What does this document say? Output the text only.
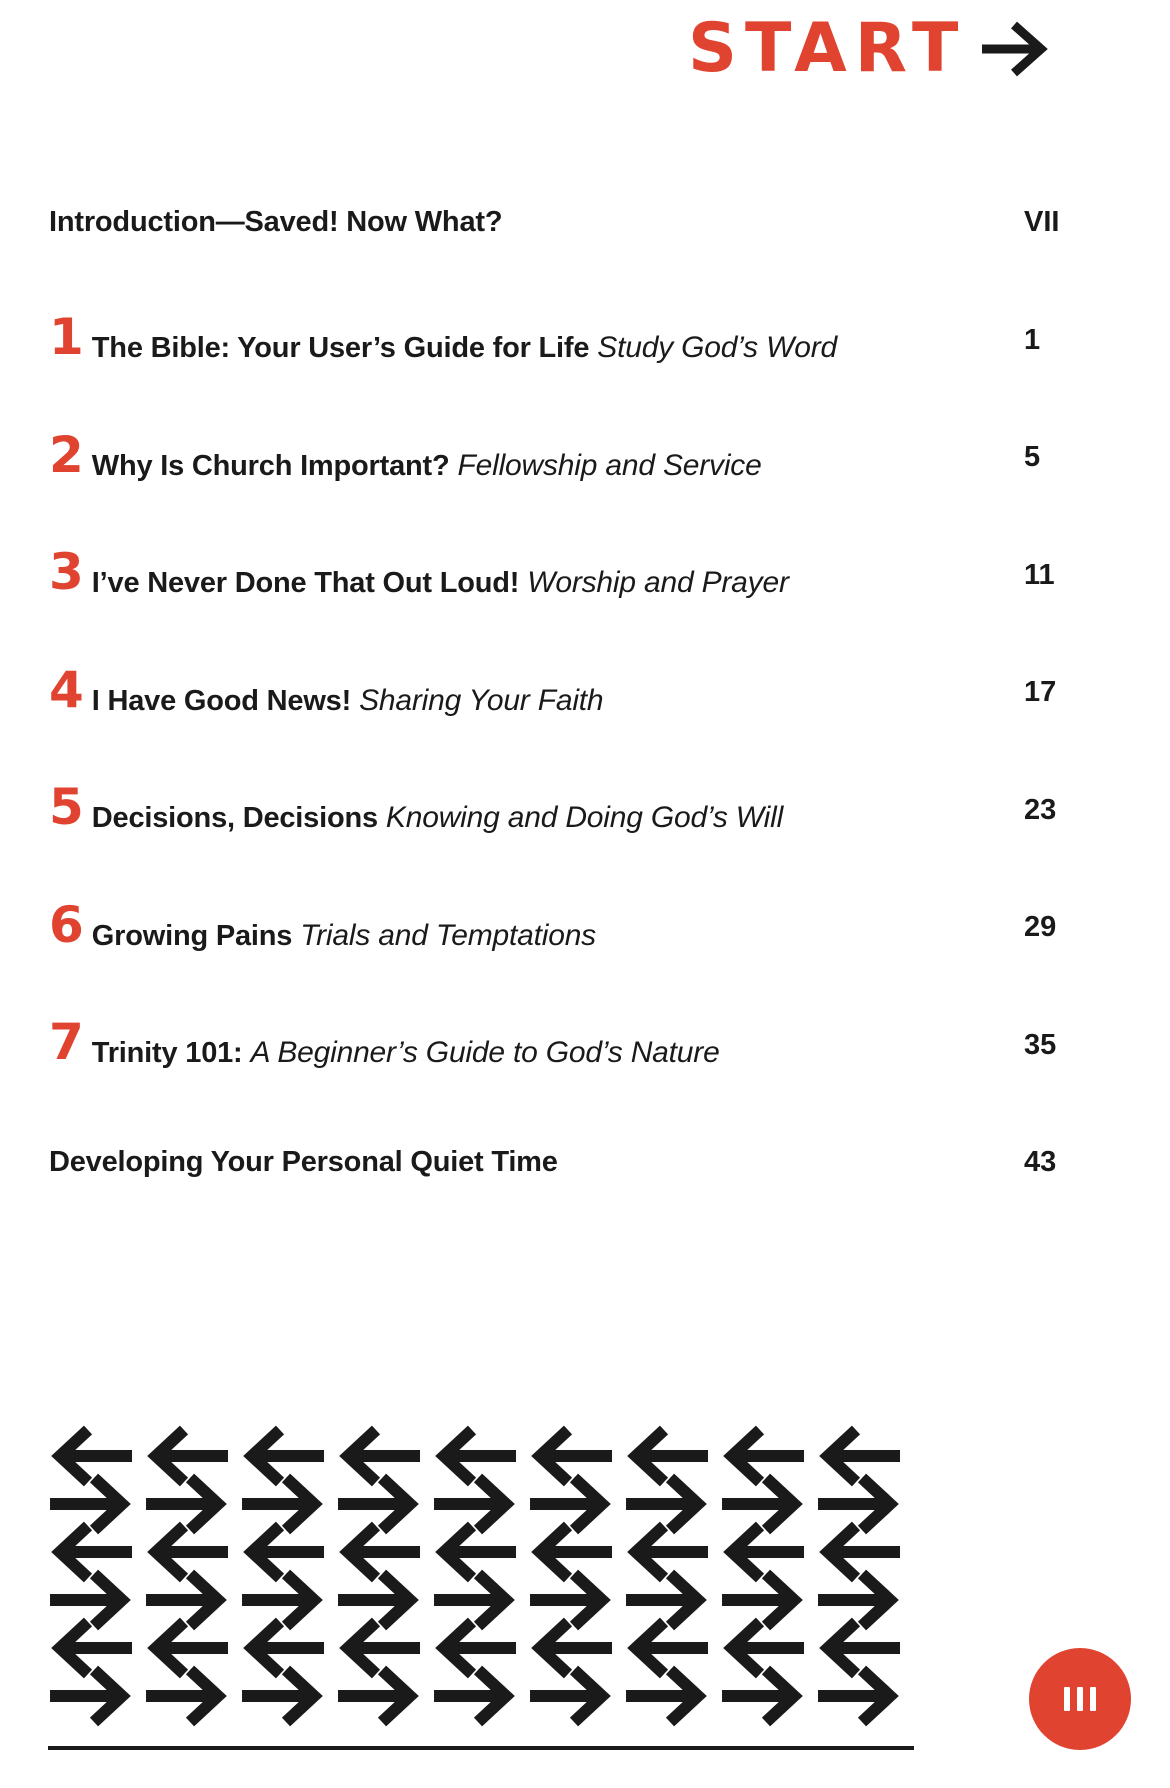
START
Introduction—Saved! Now What?	VII
1 The Bible: Your User’s Guide for Life Study God’s Word	1
2 Why Is Church Important? Fellowship and Service	5
3 I’ve Never Done That Out Loud! Worship and Prayer	11
4 I Have Good News! Sharing Your Faith	17
5 Decisions, Decisions Knowing and Doing God’s Will	23
6 Growing Pains Trials and Temptations	29
7 Trinity 101: A Beginner’s Guide to God’s Nature	35
Developing Your Personal Quiet Time	43
